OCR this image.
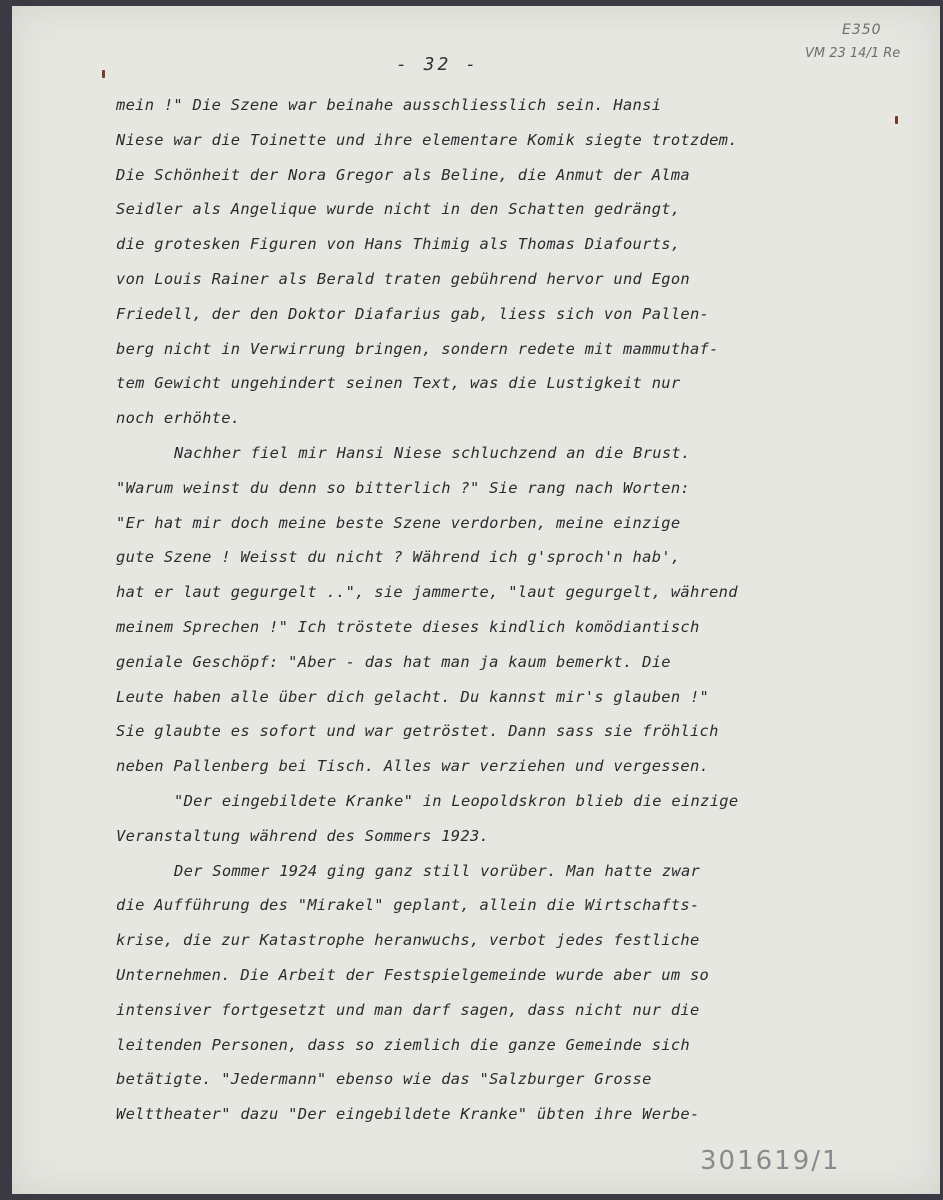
E350
VM 23 14/1 Re
- 32 -
mein !" Die Szene war beinahe ausschliesslich sein. Hansi
Niese war die Toinette und ihre elementare Komik siegte trotzdem.
Die Schönheit der Nora Gregor als Beline, die Anmut der Alma
Seidler als Angelique wurde nicht in den Schatten gedrängt,
die grotesken Figuren von Hans Thimig als Thomas Diafourts,
von Louis Rainer als Berald traten gebührend hervor und Egon
Friedell, der den Doktor Diafarius gab, liess sich von Pallen-
berg nicht in Verwirrung bringen, sondern redete mit mammuthaf-
tem Gewicht ungehindert seinen Text, was die Lustigkeit nur
noch erhöhte.
Nachher fiel mir Hansi Niese schluchzend an die Brust.
"Warum weinst du denn so bitterlich ?" Sie rang nach Worten:
"Er hat mir doch meine beste Szene verdorben, meine einzige
gute Szene ! Weisst du nicht ? Während ich g'sproch'n hab',
hat er laut gegurgelt ..", sie jammerte, "laut gegurgelt, während
meinem Sprechen !" Ich tröstete dieses kindlich komödiantisch
geniale Geschöpf: "Aber - das hat man ja kaum bemerkt. Die
Leute haben alle über dich gelacht. Du kannst mir's glauben !"
Sie glaubte es sofort und war getröstet. Dann sass sie fröhlich
neben Pallenberg bei Tisch. Alles war verziehen und vergessen.
"Der eingebildete Kranke" in Leopoldskron blieb die einzige
Veranstaltung während des Sommers 1923.
Der Sommer 1924 ging ganz still vorüber. Man hatte zwar
die Aufführung des "Mirakel" geplant, allein die Wirtschafts-
krise, die zur Katastrophe heranwuchs, verbot jedes festliche
Unternehmen. Die Arbeit der Festspielgemeinde wurde aber um so
intensiver fortgesetzt und man darf sagen, dass nicht nur die
leitenden Personen, dass so ziemlich die ganze Gemeinde sich
betätigte. "Jedermann" ebenso wie das "Salzburger Grosse
Welttheater" dazu "Der eingebildete Kranke" übten ihre Werbe-
301619/1
